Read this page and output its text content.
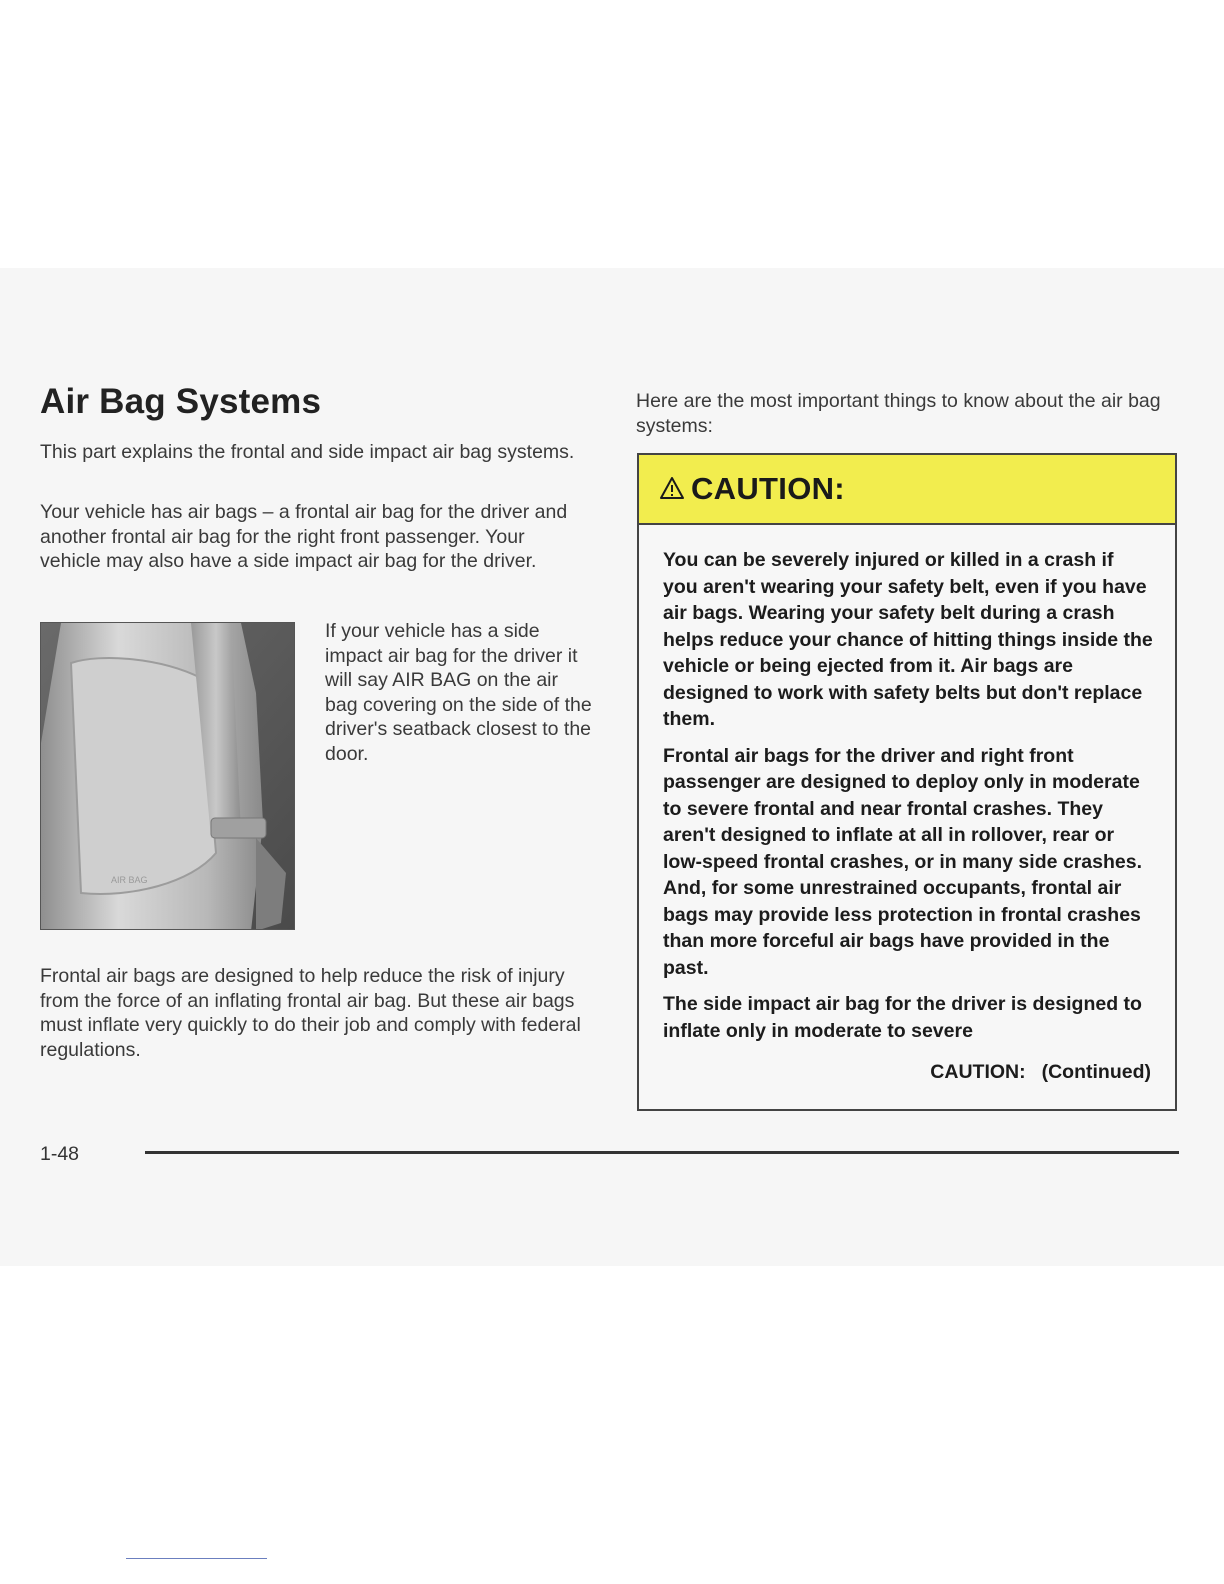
Air Bag Systems

This part explains the frontal and side impact air bag systems.

Your vehicle has air bags – a frontal air bag for the driver and another frontal air bag for the right front passenger. Your vehicle may also have a side impact air bag for the driver.

AIR BAG

If your vehicle has a side impact air bag for the driver it will say AIR BAG on the air bag covering on the side of the driver's seatback closest to the door.

Frontal air bags are designed to help reduce the risk of injury from the force of an inflating frontal air bag. But these air bags must inflate very quickly to do their job and comply with federal regulations.

Here are the most important things to know about the air bag systems:

CAUTION:

You can be severely injured or killed in a crash if you aren't wearing your safety belt, even if you have air bags. Wearing your safety belt during a crash helps reduce your chance of hitting things inside the vehicle or being ejected from it. Air bags are designed to work with safety belts but don't replace them.

Frontal air bags for the driver and right front passenger are designed to deploy only in moderate to severe frontal and near frontal crashes. They aren't designed to inflate at all in rollover, rear or low-speed frontal crashes, or in many side crashes. And, for some unrestrained occupants, frontal air bags may provide less protection in frontal crashes than more forceful air bags have provided in the past.

The side impact air bag for the driver is designed to inflate only in moderate to severe

CAUTION: (Continued)
1-48
